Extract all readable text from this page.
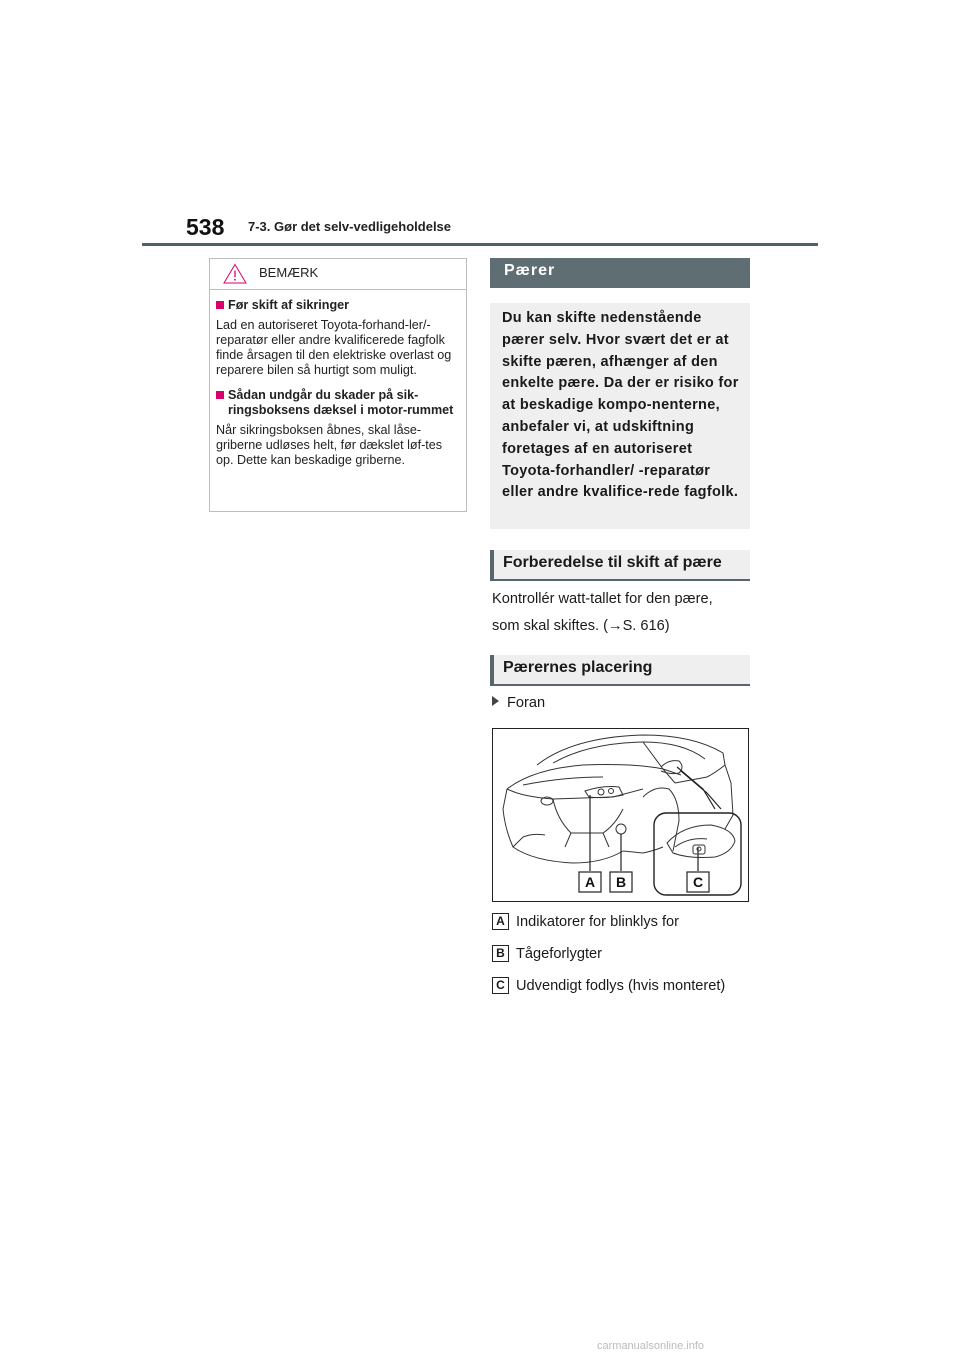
538 7-3. Gør det selv-vedligeholdelse
BEMÆRK
Før skift af sikringer
Lad en autoriseret Toyota-forhand-ler/-reparatør eller andre kvalificerede fagfolk finde årsagen til den elektriske overlast og reparere bilen så hurtigt som muligt.
Sådan undgår du skader på sik-ringsboksens dæksel i motor-rummet
Når sikringsboksen åbnes, skal låse-griberne udløses helt, før dækslet løf-tes op. Dette kan beskadige griberne.
Pærer
Du kan skifte nedenstående pærer selv. Hvor svært det er at skifte pæren, afhænger af den enkelte pære. Da der er risiko for at beskadige kompo-nenterne, anbefaler vi, at udskiftning foretages af en autoriseret Toyota-forhandler/ -reparatør eller andre kvalifice-rede fagfolk.
Forberedelse til skift af pære
Kontrollér watt-tallet for den pære,
som skal skiftes. (→S. 616)
Pærernes placering
Foran
A B	C
A Indikatorer for blinklys for
B Tågeforlygter
C Udvendigt fodlys (hvis monteret)
carmanualsonline.info
